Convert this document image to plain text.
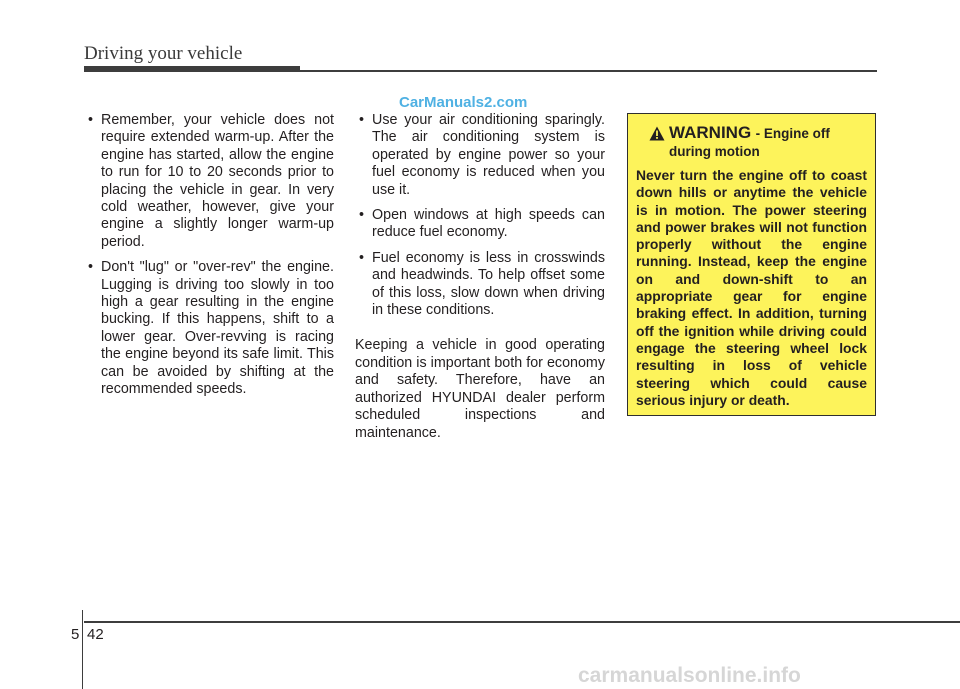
Driving your vehicle
CarManuals2.com
• Remember, your vehicle does not require extended warm-up. After the engine has started, allow the engine to run for 10 to 20 seconds prior to placing the vehicle in gear. In very cold weather, however, give your engine a slightly longer warm-up period.
• Don't "lug" or "over-rev" the engine. Lugging is driving too slowly in too high a gear resulting in the engine bucking. If this happens, shift to a lower gear. Over-revving is racing the engine beyond its safe limit. This can be avoided by shifting at the recommended speeds.
• Use your air conditioning sparingly. The air conditioning system is operated by engine power so your fuel economy is reduced when you use it.
• Open windows at high speeds can reduce fuel economy.
• Fuel economy is less in crosswinds and headwinds. To help offset some of this loss, slow down when driving in these conditions.
Keeping a vehicle in good operating condition is important both for economy and safety. Therefore, have an authorized HYUNDAI dealer perform scheduled inspections and maintenance.
WARNING - Engine off during motion
Never turn the engine off to coast down hills or anytime the vehicle is in motion. The power steering and power brakes will not function properly without the engine running. Instead, keep the engine on and down-shift to an appropriate gear for engine braking effect. In addition, turning off the ignition while driving could engage the steering wheel lock resulting in loss of vehicle steering which could cause serious injury or death.
5 42
carmanualsonline.info
